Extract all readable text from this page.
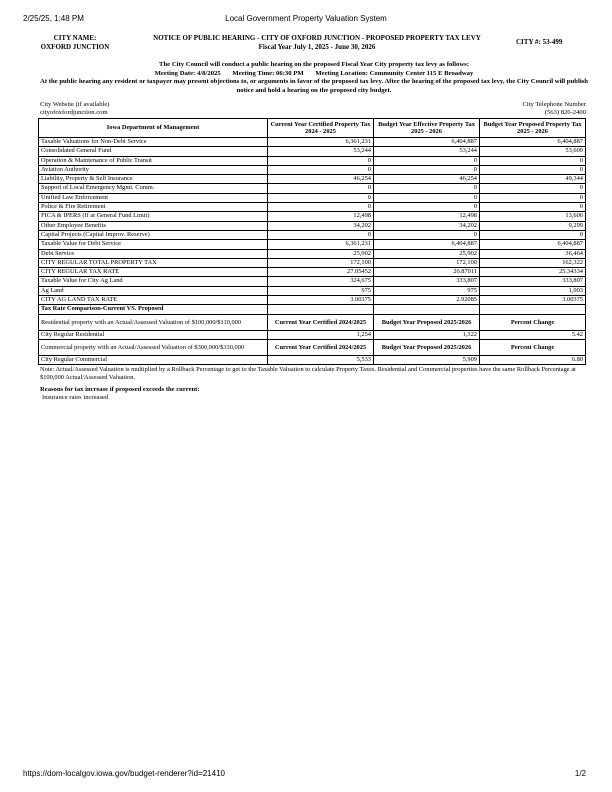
Local Government Property Valuation System
2/25/25, 1:48 PM
CITY NAME:
OXFORD JUNCTION
NOTICE OF PUBLIC HEARING - CITY OF OXFORD JUNCTION - PROPOSED PROPERTY TAX LEVY
Fiscal Year July 1, 2025 - June 30, 2026
CITY #: 53-499
The City Council will conduct a public hearing on the proposed Fiscal Year City property tax levy as follows:
Meeting Date: 4/8/2025 Meeting Time: 06:30 PM Meeting Location: Community Center 115 E Broadway
At the public hearing any resident or taxpayer may present objections to, or arguments in favor of the proposed tax levy. After the hearing of the proposed tax levy, the City Council will publish notice and hold a hearing on the proposed city budget.
City Website (if available)
cityofoxfordjunction.com
City Telephone Number
(563) 826-2400
Iowa Department of Management	Current Year Certified Property Tax 2024 - 2025	Budget Year Effective Property Tax 2025 - 2026	Budget Year Proposed Property Tax 2025 - 2026
Taxable Valuations for Non-Debt Service	6,361,231	6,404,887	6,404,887
Consolidated General Fund	53,244	53,244	53,609
Operation & Maintenance of Public Transit	0	0	0
Aviation Authority	0	0	0
Liability, Property & Self Insurance	46,254	46,254	49,344
Support of Local Emergency Mgmt. Comm.	0	0	0
Unified Law Enforcement	0	0	0
Police & Fire Retirement	0	0	0
FICA & IPERS (If at General Fund Limit)	12,498	12,498	13,606
Other Employee Benefits	34,202	34,202	9,299
Capital Projects (Capital Improv. Reserve)	0	0	0
Taxable Value for Debt Service	6,361,231	6,404,887	6,404,887
Debt Service	25,902	25,902	36,464
CITY REGULAR TOTAL PROPERTY TAX	172,100	172,100	162,322
CITY REGULAR TAX RATE	27.05452	26.87011	25.34334
Taxable Value for City Ag Land	324,675	333,807	333,807
Ag Land	975	975	1,003
CITY AG LAND TAX RATE	3.00375	2.92085	3.00375
Tax Rate Comparison-Current VS. Proposed			
Residential property with an Actual/Assessed Valuation of $100,000/$110,000	Current Year Certified 2024/2025	Budget Year Proposed 2025/2026	Percent Change
City Regular Residential	1,254	1,322	5.42
Commercial property with an Actual/Assessed Valuation of $300,000/$330,000	Current Year Certified 2024/2025	Budget Year Proposed 2025/2026	Percent Change
City Regular Commercial	5,533	5,909	6.80
Note: Actual/Assessed Valuation is multiplied by a Rollback Percentage to get to the Taxable Valuation to calculate Property Taxes. Residential and Commercial properties have the same Rollback Percentage at $100,000 Actual/Assessed Valuation.
Reasons for tax increase if proposed exceeds the current:
Insurance rates increased
https://dom-localgov.iowa.gov/budget-renderer?id=21410	1/2
